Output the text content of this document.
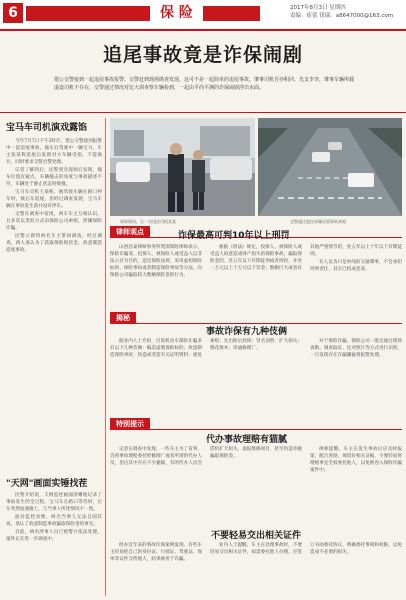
6	保 险	2017年8月3日 星期四
责编：崔蕾 钮瑞：a8647000@163.com
追尾事故竟是诈保闹剧
错公交警接到一起追尾事故报警。交警赶到现场勘查发现，这可不是一起简单的追尾事故，肇事司机吾亦积同、先支李李，肇事车辆所载虚设司机不存在，交警通过情况对比大调查察车辆检到，一起由平尚平测的诈保闹剧浮出水面。
宝马车司机演戏露馅

今年7月7日下午2时许，错公交警接到报警中一起追尾事故，撞车后驾驶中一辆宝马，车主张某称追尾后发现对方车辆受损，不能离开，同时要求交警出警处理。

记者了解到后，民警到达现场后发现，撞车位置有疑点，车辆撞击的角度与事故描述不符，车辆处于静止状态时被撞。

宝马车司机王某称，他驾驶车辆在路口停车时，被后车追尾，但经过调查发现，宝马车辆在事故发生前并没有停车。

交警在调查中发现，两车车主互相认识，且多次以类似方式向保险公司索赔，涉嫌保险诈骗。

民警立即将两名车主带回调查，经过调查，两人承认为了获取保险赔偿金，故意制造追尾事故。

"天网"画面实锤找茬

民警介绍说，天网监控画面清晰地记录了事故发生的全过程，宝马车在路口等待时，后车突然加速撞上，与当事人所述情况不一致。

面对监控录像，两名当事人无法自圆其说，承认了故意制造事故骗取保险金的事实。

目前，两名涉事人员已被警方依法处理，案件正在进一步调查中。

事故现场，左一为违法司机张某	交警通过监控录像还原事故真相
律师观点	诈保最高可判10年以上刑罚

山西昌泰律师事务所资深保险律师表示，保险诈骗罪，投保人、被保险人或受益人以非法占有为目的，违反保险法规，采用虚构保险标的、保险事故或者制造保险事故等方法，向保险公司骗取较大数额保险金的行为。

根据《刑法》规定，投保人、被保险人或受益人故意造成财产损失的保险事故，骗取保险金的，处五年以下有期徒刑或者拘役，并处一万元以上十万元以下罚金；数额巨大或者有其他严重情节的，处五年以上十年以下有期徒刑。

有人以为只是单纯的交通肇事，不会承担刑事责任，其实已构成犯罪。

揭秘
事故诈保有九种伎俩

据业内人士介绍，目前机动车保险诈骗多有以下几种伎俩：编造虚假保险标的；故意制造保险事故；伪造或变造有关证明资料；重复索赔；先出险后投保；冒名顶替；扩大损失；移花接木；串通修理厂。

对于保险诈骗，保险公司一般会通过现场查勘、调查取证、比对照片等方式进行识别，一旦发现存在诈骗嫌疑将报警处理。

特别提示
代办事故理赔有猫腻

记者在调查中发现，一些车主为了省事，会将事故理赔委托给修理厂或者所谓的代办人员，但这其中存在不少猫腻，有的代办人员会借机扩大损失、虚报维修项目，甚至伪造单据骗取保险金。

律师提醒，车主在发生事故后应及时报案，配合查勘，保留好相关证据，不要轻易将理赔事宜全权委托他人，以免被卷入保险诈骗案件中。

不要轻易交出相关证件

经办近年来的事故诈保案例发现，有些车主轻易把自己的身份证、行驶证、驾驶证、保单等证件交给他人，结果被用于诈骗。

业内人士提醒，车主在处理事故时，不要轻易交出相关证件，如需委托他人办理，应签订书面委托协议，明确委托事项和权限，以免造成不必要的损失。
